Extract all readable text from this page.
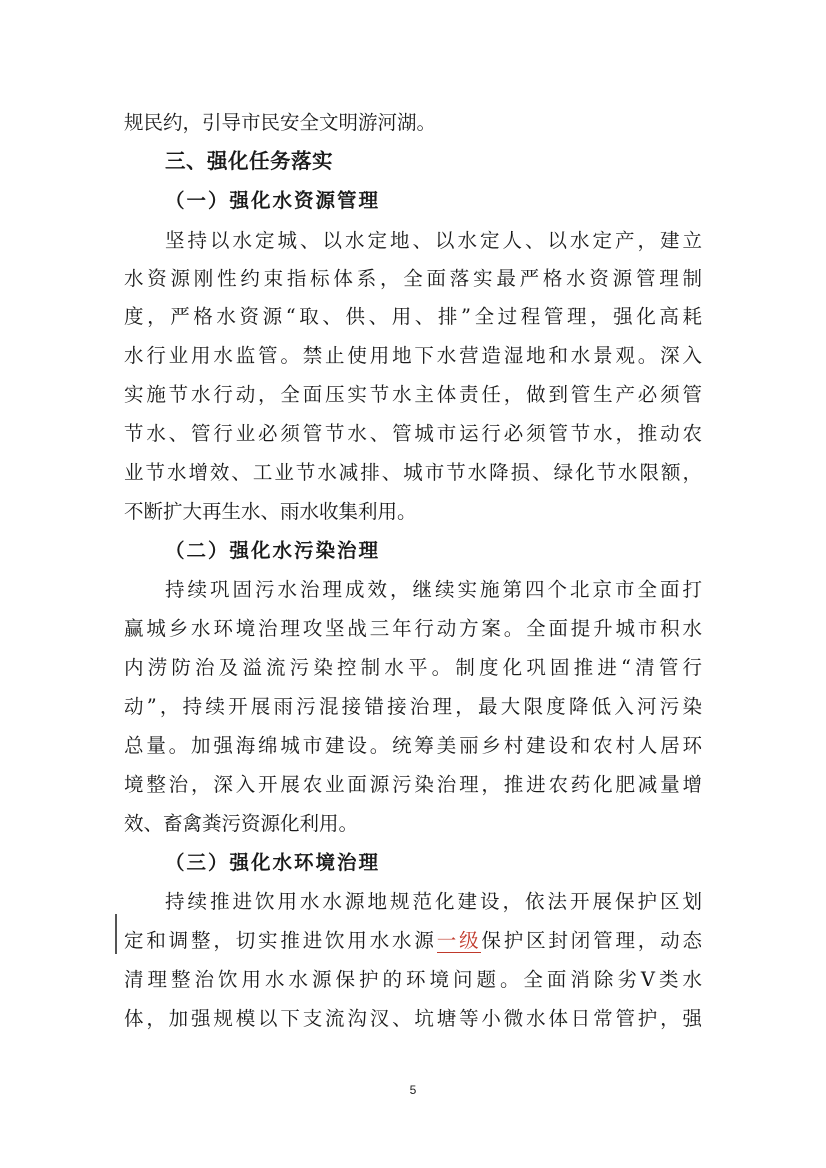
规民约，引导市民安全文明游河湖。
三、强化任务落实
（一）强化水资源管理
坚持以水定城、以水定地、以水定人、以水定产，建立
水资源刚性约束指标体系，全面落实最严格水资源管理制
度，严格水资源“取、供、用、排”全过程管理，强化高耗
水行业用水监管。禁止使用地下水营造湿地和水景观。深入
实施节水行动，全面压实节水主体责任，做到管生产必须管
节水、管行业必须管节水、管城市运行必须管节水，推动农
业节水增效、工业节水减排、城市节水降损、绿化节水限额，
不断扩大再生水、雨水收集利用。
（二）强化水污染治理
持续巩固污水治理成效，继续实施第四个北京市全面打
赢城乡水环境治理攻坚战三年行动方案。全面提升城市积水
内涝防治及溢流污染控制水平。制度化巩固推进“清管行
动”，持续开展雨污混接错接治理，最大限度降低入河污染
总量。加强海绵城市建设。统筹美丽乡村建设和农村人居环
境整治，深入开展农业面源污染治理，推进农药化肥减量增
效、畜禽粪污资源化利用。
（三）强化水环境治理
持续推进饮用水水源地规范化建设，依法开展保护区划
定和调整，切实推进饮用水水源一级保护区封闭管理，动态
清理整治饮用水水源保护的环境问题。全面消除劣Ⅴ类水
体，加强规模以下支流沟汊、坑塘等小微水体日常管护，强
5
